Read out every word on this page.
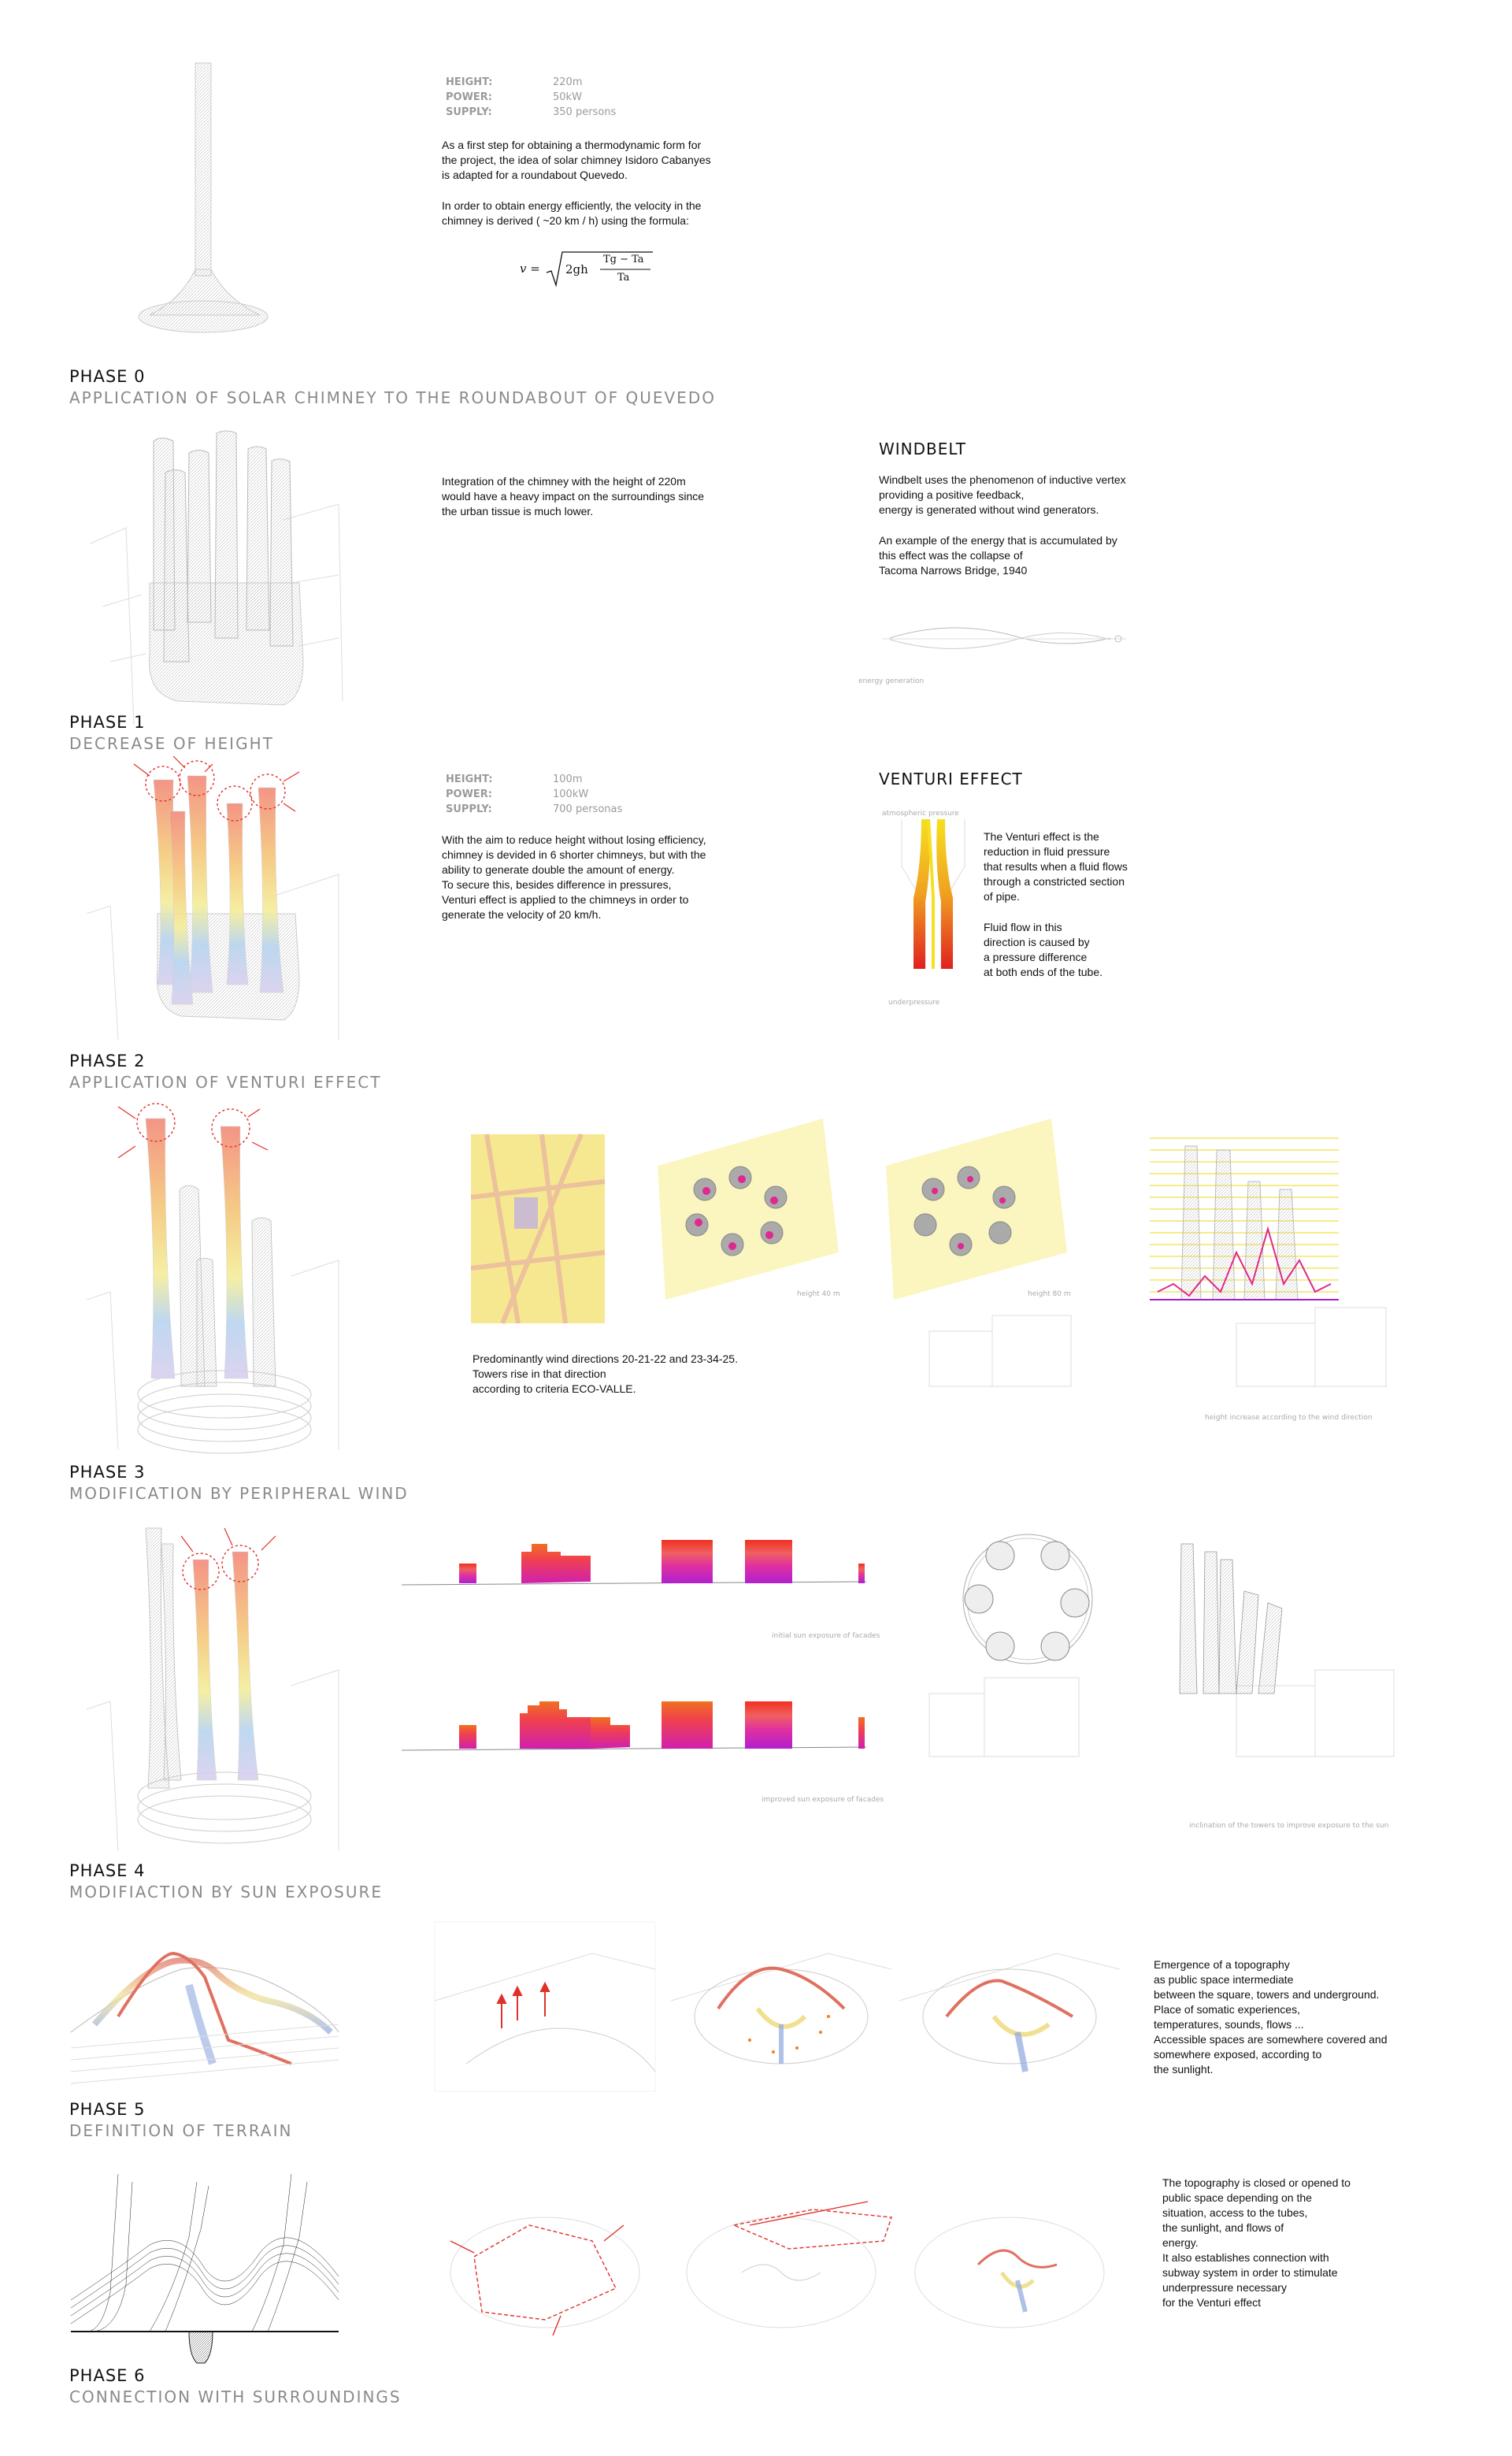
HEIGHT:	220m
POWER:	50kW
SUPPLY:	350 persons
As a first step for obtaining a thermodynamic form for
the project, the idea of solar chimney Isidoro Cabanyes
is adapted for a roundabout Quevedo.
In order to obtain energy efficiently, the velocity in the
chimney is derived ( ~20 km / h) using the formula:
v = 2gh
Tg − Ta
Ta
PHASE 0
APPLICATION OF SOLAR CHIMNEY TO THE ROUNDABOUT OF QUEVEDO
Integration of the chimney with the height of 220m
would have a heavy impact on the surroundings since
the urban tissue is much lower.
WINDBELT
Windbelt uses the phenomenon of inductive vertex
providing a positive feedback,
energy is generated without wind generators.
An example of the energy that is accumulated by
this effect was the collapse of
Tacoma Narrows Bridge, 1940
energy generation
PHASE 1
DECREASE OF HEIGHT
HEIGHT:	100m
POWER:	100kW
SUPPLY:	700 personas
With the aim to reduce height without losing efficiency,
chimney is devided in 6 shorter chimneys, but with the
ability to generate double the amount of energy.
To secure this, besides difference in pressures,
Venturi effect is applied to the chimneys in order to
generate the velocity of 20 km/h.
VENTURI EFFECT
atmospheric pressure
underpressure
The Venturi effect is the
reduction in fluid pressure
that results when a fluid flows
through a constricted section
of pipe.
Fluid flow in this
direction is caused by
a pressure difference
at both ends of the tube.
PHASE 2
APPLICATION OF VENTURI EFFECT
height 40 m	height 80 m
height increase according to the wind direction
Predominantly wind directions 20-21-22 and 23-34-25.
Towers rise in that direction
according to criteria ECO-VALLE.
PHASE 3
MODIFICATION BY PERIPHERAL WIND
initial sun exposure of facades
improved sun exposure of facades
inclination of the towers to improve exposure to the sun
PHASE 4
MODIFIACTION BY SUN EXPOSURE
Emergence of a topography
as public space intermediate
between the square, towers and underground.
Place of somatic experiences,
temperatures, sounds, flows ...
Accessible spaces are somewhere covered and
somewhere exposed, according to
the sunlight.
PHASE 5
DEFINITION OF TERRAIN
The topography is closed or opened to
public space depending on the
situation, access to the tubes,
the sunlight, and flows of
energy.
It also establishes connection with
subway system in order to stimulate
underpressure necessary
for the Venturi effect
PHASE 6
CONNECTION WITH SURROUNDINGS
